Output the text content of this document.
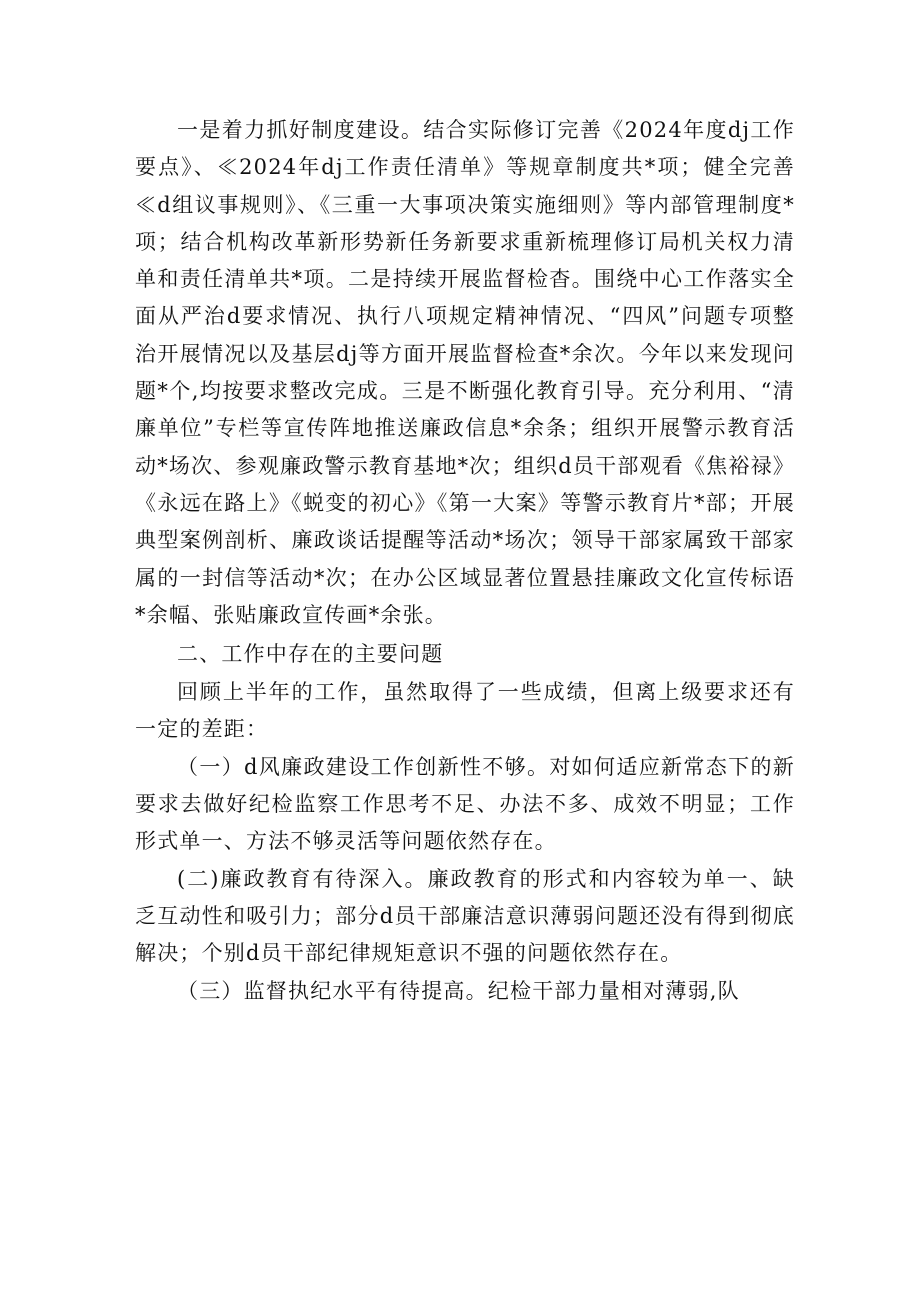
一是着力抓好制度建设。结合实际修订完善《2024年度dj工作要点》、≪2024年dj工作责任清单》等规章制度共*项；健全完善≪d组议事规则》、《三重一大事项决策实施细则》等内部管理制度*项；结合机构改革新形势新任务新要求重新梳理修订局机关权力清单和责任清单共*项。二是持续开展监督检杳。围绕中心工作落实全面从严治d要求情况、执行八项规定精神情况、“四风”问题专项整治开展情况以及基层dj等方面开展监督检查*余次。今年以来发现问题*个,均按要求整改完成。三是不断强化教育引导。充分利用、“清廉单位”专栏等宣传阵地推送廉政信息*余条；组织开展警示教育活动*场次、参观廉政警示教育基地*次；组织d员干部观看《焦裕禄》《永远在路上》《蜕变的初心》《第一大案》等警示教育片*部；开展典型案例剖析、廉政谈话提醒等活动*场次；领导干部家属致干部家属的一封信等活动*次；在办公区域显著位置悬挂廉政文化宣传标语*余幅、张贴廉政宣传画*余张。

二、工作中存在的主要问题

回顾上半年的工作，虽然取得了一些成绩，但离上级要求还有一定的差距：

（一）d风廉政建设工作创新性不够。对如何适应新常态下的新要求去做好纪检监察工作思考不足、办法不多、成效不明显；工作形式单一、方法不够灵活等问题依然存在。

(二)廉政教育有待深入。廉政教育的形式和内容较为单一、缺乏互动性和吸引力；部分d员干部廉洁意识薄弱问题还没有得到彻底解决；个别d员干部纪律规矩意识不强的问题依然存在。

（三）监督执纪水平有待提高。纪检干部力量相对薄弱,队
